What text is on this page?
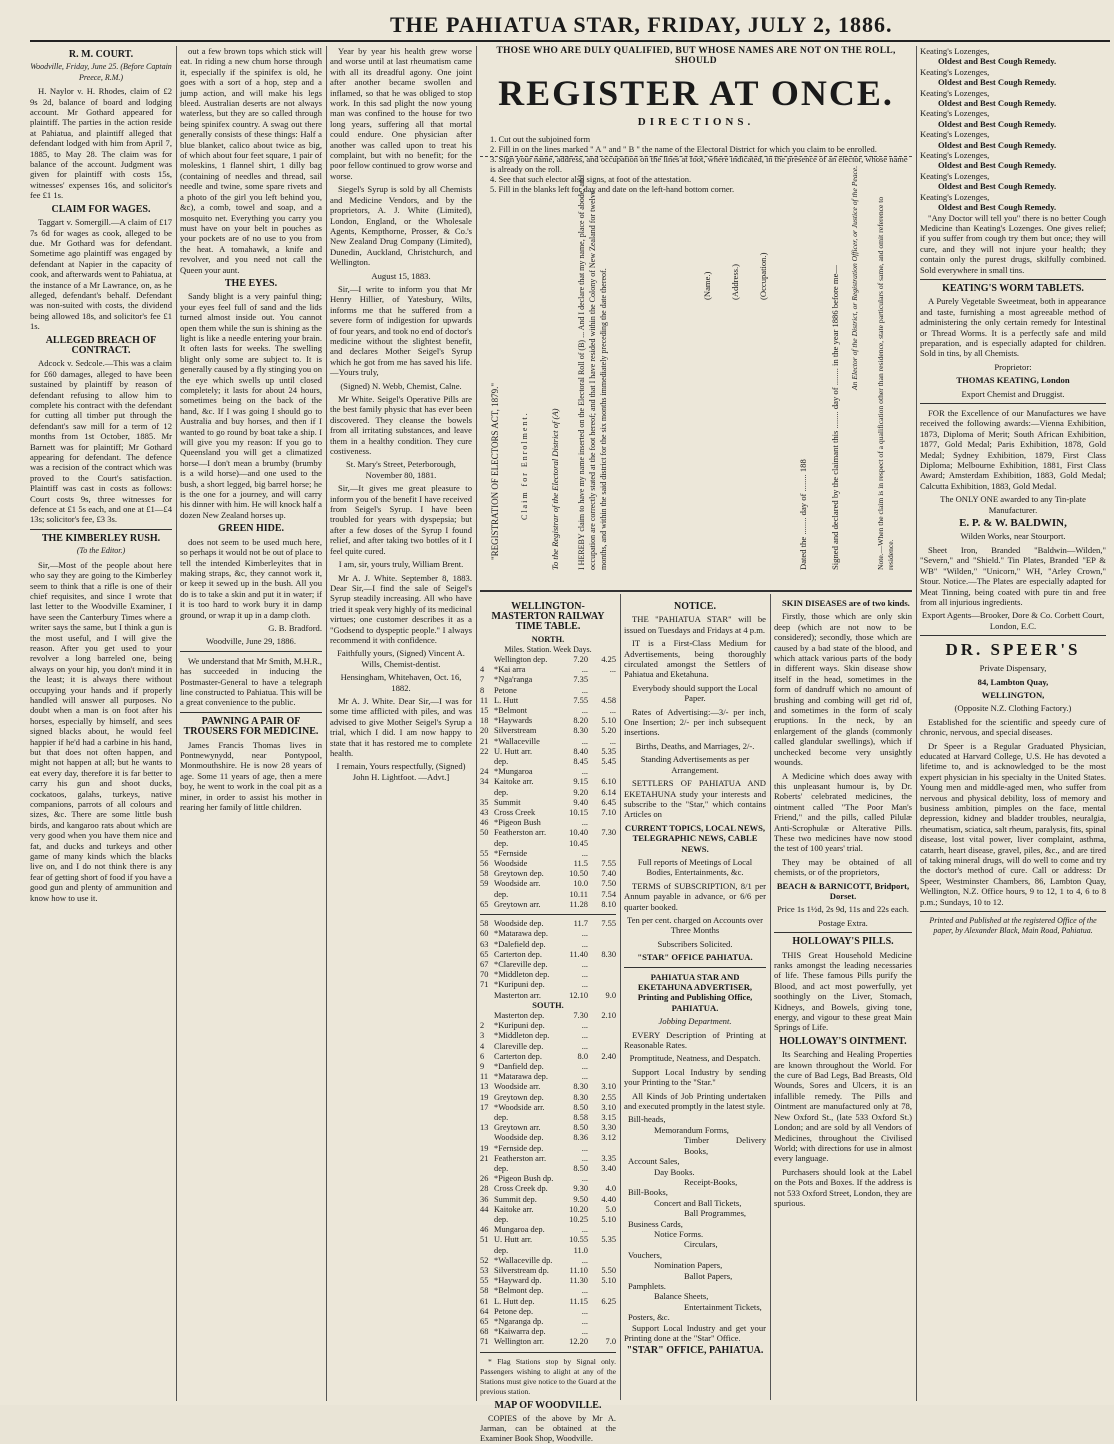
THE PAHIATUA STAR, FRIDAY, JULY 2, 1886.
R. M. COURT.
Woodville, Friday, June 25. (Before Captain Preece, R.M.)

H. Naylor v. H. Rhodes, claim of £2 9s 2d, balance of board and lodging account. Mr Gothard appeared for plaintiff. The parties in the action reside at Pahiatua, and plaintiff alleged that defendant lodged with him from April 7, 1885, to May 28. The claim was for balance of the account. Judgment was given for plaintiff with costs 15s, witnesses' expenses 16s, and solicitor's fee £1 1s.

CLAIM FOR WAGES.

Taggart v. Somergill.—A claim of £17 7s 6d for wages as cook, alleged to be due. Mr Gothard was for defendant. Sometime ago plaintiff was engaged by defendant at Napier in the capacity of cook, and afterwards went to Pahiatua, at the instance of a Mr Lawrance, on, as he alleged, defendant's behalf. Defendant was non-suited with costs, the dividend being allowed 18s, and solicitor's fee £1 1s.

ALLEGED BREACH OF CONTRACT.

Adcock v. Sedcole.—This was a claim for £60 damages, alleged to have been sustained by plaintiff by reason of defendant refusing to allow him to complete his contract with the defendant for cutting all timber put through the defendant's saw mill for a term of 12 months from 1st October, 1885. Mr Barnett was for plaintiff; Mr Gothard appearing for defendant. The defence was a recision of the contract which was proved to the Court's satisfaction. Plaintiff was cast in costs as follows: Court costs 9s, three witnesses for defence at £1 5s each, and one at £1—£4 13s; solicitor's fee, £3 3s.

THE KIMBERLEY RUSH.
(To the Editor.)

Sir,—Most of the people about here who say they are going to the Kimberley seem to think that a rifle is one of their chief requisites, and since I wrote that last letter to the Woodville Examiner, I have seen the Canterbury Times where a writer says the same, but I think a gun is the most useful, and I will give the reason. After you get used to your revolver a long barreled one, being always on your hip, you don't mind it in the least; it is always there without occupying your hands and if properly handled will answer all purposes. No doubt when a man is on foot after his horses, especially by himself, and sees signed blacks about, he would feel happier if he'd had a carbine in his hand, but that does not often happen, and might not happen at all; but he wants to eat every day, therefore it is far better to carry his gun and shoot ducks, cockatoos, galahs, turkeys, native companions, parrots of all colours and sizes, &c. There are some little bush birds, and kangaroo rats about which are very good when you have them nice and fat, and ducks and turkeys and other game of many kinds which the blacks live on, and I do not think there is any fear of getting short of food if you have a good gun and plenty of ammunition and know how to use it.

out a few brown tops which stick will eat. In riding a new chum horse through it, especially if the spinifex is old, he goes with a sort of a hop, step and a jump action, and will make his legs bleed. Australian deserts are not always waterless, but they are so called through being spinifex country. A swag out there generally consists of these things: Half a blue blanket, calico about twice as big, of which about four feet square, 1 pair of moleskins, 1 flannel shirt, 1 dilly bag (containing of needles and thread, sail needle and twine, some spare rivets and a photo of the girl you left behind you, &c), a comb, towel and soap, and a mosquito net. Everything you carry you must have on your belt in pouches as your pockets are of no use to you from the heat. A tomahawk, a knife and revolver, and you need not call the Queen your aunt.

THE EYES.

Sandy blight is a very painful thing; your eyes feel full of sand and the lids turned almost inside out. You cannot open them while the sun is shining as the light is like a needle entering your brain. It often lasts for weeks. The swelling blight only some are subject to. It is generally caused by a fly stinging you on the eye which swells up until closed completely; it lasts for about 24 hours, sometimes being on the back of the hand, &c. If I was going I should go to Australia and buy horses, and then if I wanted to go round by boat take a ship. I will give you my reason: If you go to Queensland you will get a climatized horse—I don't mean a brumby (brumby is a wild horse)—and one used to the bush, a short legged, big barrel horse; he is the one for a journey, and will carry his dinner with him. He will knock half a dozen New Zealand horses up.

GREEN HIDE.

does not seem to be used much here, so perhaps it would not be out of place to tell the intended Kimberleyites that in making straps, &c, they cannot work it, or keep it sewed up in the bush. All you do is to take a skin and put it in water; if it is too hard to work bury it in damp ground, or wrap it up in a damp cloth.

G. B. Bradford.

Woodville, June 29, 1886.

We understand that Mr Smith, M.H.R., has succeeded in inducing the Postmaster-General to have a telegraph line constructed to Pahiatua. This will be a great convenience to the public.

PAWNING A PAIR OF TROUSERS FOR MEDICINE.

James Francis Thomas lives in Pontnewynydd, near Pontypool, Monmouthshire. He is now 28 years of age. Some 11 years of age, then a mere boy, he went to work in the coal pit as a miner, in order to assist his mother in rearing her family of little children.

Year by year his health grew worse and worse until at last rheumatism came with all its dreadful agony. One joint after another became swollen and inflamed, so that he was obliged to stop work. In this sad plight the now young man was confined to the house for two long years, suffering all that mortal could endure. One physician after another was called upon to treat his complaint, but with no benefit; for the poor fellow continued to grow worse and worse.

Siegel's Syrup is sold by all Chemists and Medicine Vendors, and by the proprietors, A. J. White (Limited), London, England, or the Wholesale Agents, Kempthorne, Prosser, & Co.'s New Zealand Drug Company (Limited), Dunedin, Auckland, Christchurch, and Wellington.

August 15, 1883.

Sir,—I write to inform you that Mr Henry Hillier, of Yatesbury, Wilts, informs me that he suffered from a severe form of indigestion for upwards of four years, and took no end of doctor's medicine without the slightest benefit, and declares Mother Seigel's Syrup which he got from me has saved his life.—Yours truly,

(Signed) N. Webb, Chemist, Calne.

Mr White. Seigel's Operative Pills are the best family physic that has ever been discovered. They cleanse the bowels from all irritating substances, and leave them in a healthy condition. They cure costiveness.

St. Mary's Street, Peterborough, November 80, 1881.

Sir,—It gives me great pleasure to inform you of the benefit I have received from Seigel's Syrup. I have been troubled for years with dyspepsia; but after a few doses of the Syrup I found relief, and after taking two bottles of it I feel quite cured.

I am, sir, yours truly, William Brent.

Mr A. J. White. September 8, 1883. Dear Sir,—I find the sale of Seigel's Syrup steadily increasing. All who have tried it speak very highly of its medicinal virtues; one customer describes it as a "Godsend to dyspeptic people." I always recommend it with confidence.

Faithfully yours, (Signed) Vincent A. Wills, Chemist-dentist.

Hensingham, Whitehaven, Oct. 16, 1882.

Mr A. J. White. Dear Sir,—I was for some time afflicted with piles, and was advised to give Mother Seigel's Syrup a trial, which I did. I am now happy to state that it has restored me to complete health.

I remain, Yours respectfully, (Signed) John H. Lightfoot. —Advt.]

THOSE WHO ARE DULY QUALIFIED, BUT WHOSE NAMES ARE NOT ON THE ROLL, SHOULD
REGISTER AT ONCE.
DIRECTIONS.
1. Cut out the subjoined form
2. Fill in on the lines marked " A " and " B " the name of the Electoral District for which you claim to be enrolled.
3. Sign your name, address, and occupation on the lines at foot, where indicated, in the presence of an elector, whose name is already on the roll.
4. See that such elector also signs, at foot of the attestation.
5. Fill in the blanks left for day and date on the left-hand bottom corner.
"REGISTRATION OF ELECTORS ACT, 1879."	Claim for Enrolment. To the Registrar of the Electoral District of (A) I HEREBY claim to have my name inserted on the Electoral Roll of (B) ... And I declare that my name, place of abode, and occupation are correctly stated at the foot hereof; and that I have resided within the Colony of New Zealand for twelve months, and within the said district for the six months immediately preceding the date thereof.	(Name.) (Address.) (Occupation.)
Dated the ........ day of ........ 188	Signed and declared by the claimant this ........ day of ........ in the year 1886 before me— An Elector of the District, or Registration Officer, or Justice of the Peace. Note.—When the claim is in respect of a qualification other than residence, state particulars of same, and omit reference to residence.
WELLINGTON-MASTERTON RAILWAY TIME TABLE.
NORTH.
Miles. Station. Week Days.
Wellington dep.	7.20	4.25
4	*Kai arra	...	...
7	*Nga'ranga	7.35
8	Petone	...
11 L. Hutt	7.55	4.58
15 *Belmont	...	...
18 *Haywards	8.20	5.10
20 Silverstream	8.30	5.20
21 *Wallaceville	...	...
22 U. Hutt arr.	8.40	5.35
dep.	8.45	5.45
24 *Mungaroa	...
34 Kaitoke arr.	9.15	6.10
dep.	9.20	6.14
35 Summit	9.40	6.45
43 Cross Creek	10.15	7.10
46 *Pigeon Bush	...
50 Featherston arr.	10.40	7.30
dep.	10.45
55 *Fernside	...
56 Woodside	11.5	7.55
58 Greytown dep.	10.50	7.40
59 Woodside arr.	10.0	7.50
dep.	10.11	7.54
65 Greytown arr.	11.28	8.10
58 Woodside dep.	11.7	7.55
60 *Matarawa dep.	...
63 *Dalefield dep.	...
65 Carterton dep.	11.40	8.30
67 *Clareville dep.	...
70 *Middleton dep.	...
71 *Kuripuni dep.	...
Masterton arr.	12.10	9.0
SOUTH.
Masterton dep.	7.30	2.10
2	*Kuripuni dep.	...
3	*Middleton dep.	...
4	Clareville dep.	...
6	Carterton dep.	8.0	2.40
9	*Danfield dep.	...
11 *Matarawa dep.	...
13 Woodside arr.	8.30	3.10
19 Greytown dep.	8.30	2.55
17 *Woodside arr.	8.50	3.10
dep.	8.58	3.15
13 Greytown arr.	8.50	3.30
Woodside dep.	8.36	3.12
19 *Fernside dep.	...
21 Featherston arr.	...	3.35
dep.	8.50	3.40
26 *Pigeon Bush dp.	...
28 Cross Creek dp.	9.30	4.0
36 Summit dep.	9.50	4.40
44 Kaitoke arr.	10.20	5.0
dep.	10.25	5.10
46 Mungaroa dep.	...
51 U. Hutt arr.	10.55	5.35
dep.	11.0
52 *Wallaceville dp.	...
53 Silverstream dp.	11.10	5.50
55 *Hayward dp.	11.30	5.10
58 *Belmont dep.	...
61 L. Hutt dep.	11.15	6.25
64 Petone dep.	...
65 *Ngaranga dp.	...
68 *Kaiwarra dep.	...
71 Wellington arr.	12.20	7.0

* Flag Stations stop by Signal only. Passengers wishing to alight at any of the Stations must give notice to the Guard at the previous station.

MAP OF WOODVILLE.

COPIES of the above by Mr A. Jarman, can be obtained at the Examiner Book Shop, Woodville.

NOTICE.

THE "PAHIATUA STAR" will be issued on Tuesdays and Fridays at 4 p.m.

IT is a First-Class Medium for Advertisements, being thoroughly circulated amongst the Settlers of Pahiatua and Eketahuna.

Everybody should support the Local Paper.

Rates of Advertising:—3/- per inch, One Insertion; 2/- per inch subsequent insertions.

Births, Deaths, and Marriages, 2/-.

Standing Advertisements as per Arrangement.

SETTLERS OF PAHIATUA AND EKETAHUNA study your interests and subscribe to the "Star," which contains Articles on

CURRENT TOPICS, LOCAL NEWS, TELEGRAPHIC NEWS, CABLE NEWS.

Full reports of Meetings of Local Bodies, Entertainments, &c.

TERMS of SUBSCRIPTION, 8/1 per Annum payable in advance, or 6/6 per quarter booked.

Ten per cent. charged on Accounts over Three Months

Subscribers Solicited.

"STAR" OFFICE PAHIATUA.

PAHIATUA STAR AND EKETAHUNA ADVERTISER, Printing and Publishing Office, PAHIATUA.

Jobbing Department.

EVERY Description of Printing at Reasonable Rates.

Promptitude, Neatness, and Despatch.

Support Local Industry by sending your Printing to the "Star."

All Kinds of Job Printing undertaken and executed promptly in the latest style.

Bill-heads,
Memorandum Forms,
Timber Delivery Books,
Account Sales,
Day Books.
Receipt-Books,
Bill-Books,
Concert and Ball Tickets,
Ball Programmes,
Business Cards,
Notice Forms.
Circulars,
Vouchers,
Nomination Papers,
Ballot Papers,
Pamphlets.
Balance Sheets,
Entertainment Tickets,
Posters, &c.

Support Local Industry and get your Printing done at the "Star" Office.

"STAR" OFFICE, PAHIATUA.

SKIN DISEASES are of two kinds.

Firstly, those which are only skin deep (which are not now to be considered); secondly, those which are caused by a bad state of the blood, and which attack various parts of the body in different ways. Skin disease show itself in the head, sometimes in the form of dandruff which no amount of brushing and combing will get rid of, and sometimes in the form of scaly eruptions. In the neck, by an enlargement of the glands (commonly called glandular swellings), which if unchecked become very unsightly wounds.

A Medicine which does away with this unpleasant humour is, by Dr. Roberts' celebrated medicines, the ointment called "The Poor Man's Friend," and the pills, called Pilulæ Anti-Scrophulæ or Alterative Pills. These two medicines have now stood the test of 100 years' trial.

They may be obtained of all chemists, or of the proprietors,

BEACH & BARNICOTT, Bridport, Dorset.

Price 1s 1½d, 2s 9d, 11s and 22s each.

Postage Extra.

HOLLOWAY'S PILLS.

THIS Great Household Medicine ranks amongst the leading necessaries of life. These famous Pills purify the Blood, and act most powerfully, yet soothingly on the Liver, Stomach, Kidneys, and Bowels, giving tone, energy, and vigour to these great Main Springs of Life.

HOLLOWAY'S OINTMENT.

Its Searching and Healing Properties are known throughout the World. For the cure of Bad Legs, Bad Breasts, Old Wounds, Sores and Ulcers, it is an infallible remedy. The Pills and Ointment are manufactured only at 78, New Oxford St., (late 533 Oxford St.) London; and are sold by all Vendors of Medicines, throughout the Civilised World; with directions for use in almost every language.

Purchasers should look at the Label on the Pots and Boxes. If the address is not 533 Oxford Street, London, they are spurious.

Keating's Lozenges,
Oldest and Best Cough Remedy.
Keating's Lozenges,
Oldest and Best Cough Remedy.
Keating's Lozenges,
Oldest and Best Cough Remedy.
Keating's Lozenges,
Oldest and Best Cough Remedy.
Keating's Lozenges,
Oldest and Best Cough Remedy.
Keating's Lozenges,
Oldest and Best Cough Remedy.
Keating's Lozenges,
Oldest and Best Cough Remedy.
Keating's Lozenges,
Oldest and Best Cough Remedy.

"Any Doctor will tell you" there is no better Cough Medicine than Keating's Lozenges. One gives relief; if you suffer from cough try them but once; they will cure, and they will not injure your health; they contain only the purest drugs, skilfully combined. Sold everywhere in small tins.

KEATING'S WORM TABLETS.

A Purely Vegetable Sweetmeat, both in appearance and taste, furnishing a most agreeable method of administering the only certain remedy for Intestinal or Thread Worms. It is a perfectly safe and mild preparation, and is especially adapted for children. Sold in tins, by all Chemists.

Proprietor:

THOMAS KEATING, London

Export Chemist and Druggist.

FOR the Excellence of our Manufactures we have received the following awards:—Vienna Exhibition, 1873, Diploma of Merit; South African Exhibition, 1877, Gold Medal; Paris Exhibition, 1878, Gold Medal; Sydney Exhibition, 1879, First Class Diploma; Melbourne Exhibition, 1881, First Class Award; Amsterdam Exhibition, 1883, Gold Medal; Calcutta Exhibition, 1883, Gold Medal.

The ONLY ONE awarded to any Tin-plate Manufacturer.

E. P. & W. BALDWIN,

Wilden Works, near Stourport.

Sheet Iron, Branded "Baldwin—Wilden," "Severn," and "Shield." Tin Plates, Branded "EP & WB" "Wilden," "Unicorn," WH, "Arley Crown," Stour. Notice.—The Plates are especially adapted for Meat Tinning, being coated with pure tin and free from all injurious ingredients.

Export Agents—Brooker, Dore & Co. Corbett Court, London, E.C.

DR. SPEER'S

Private Dispensary,

84, Lambton Quay,

WELLINGTON,

(Opposite N.Z. Clothing Factory.)

Established for the scientific and speedy cure of chronic, nervous, and special diseases.

Dr Speer is a Regular Graduated Physician, educated at Harvard College, U.S. He has devoted a lifetime to, and is acknowledged to be the most expert physician in his specialty in the United States. Young men and middle-aged men, who suffer from nervous and physical debility, loss of memory and business ambition, pimples on the face, mental depression, kidney and bladder troubles, neuralgia, rheumatism, sciatica, salt rheum, paralysis, fits, spinal disease, lost vital power, liver complaint, asthma, catarrh, heart disease, gravel, piles, &c., and are tired of taking mineral drugs, will do well to come and try the doctor's method of cure. Call or address: Dr Speer, Westminster Chambers, 86, Lambton Quay, Wellington, N.Z. Office hours, 9 to 12, 1 to 4, 6 to 8 p.m.; Sundays, 10 to 12.

Printed and Published at the registered Office of the paper, by Alexander Black, Main Road, Pahiatua.
